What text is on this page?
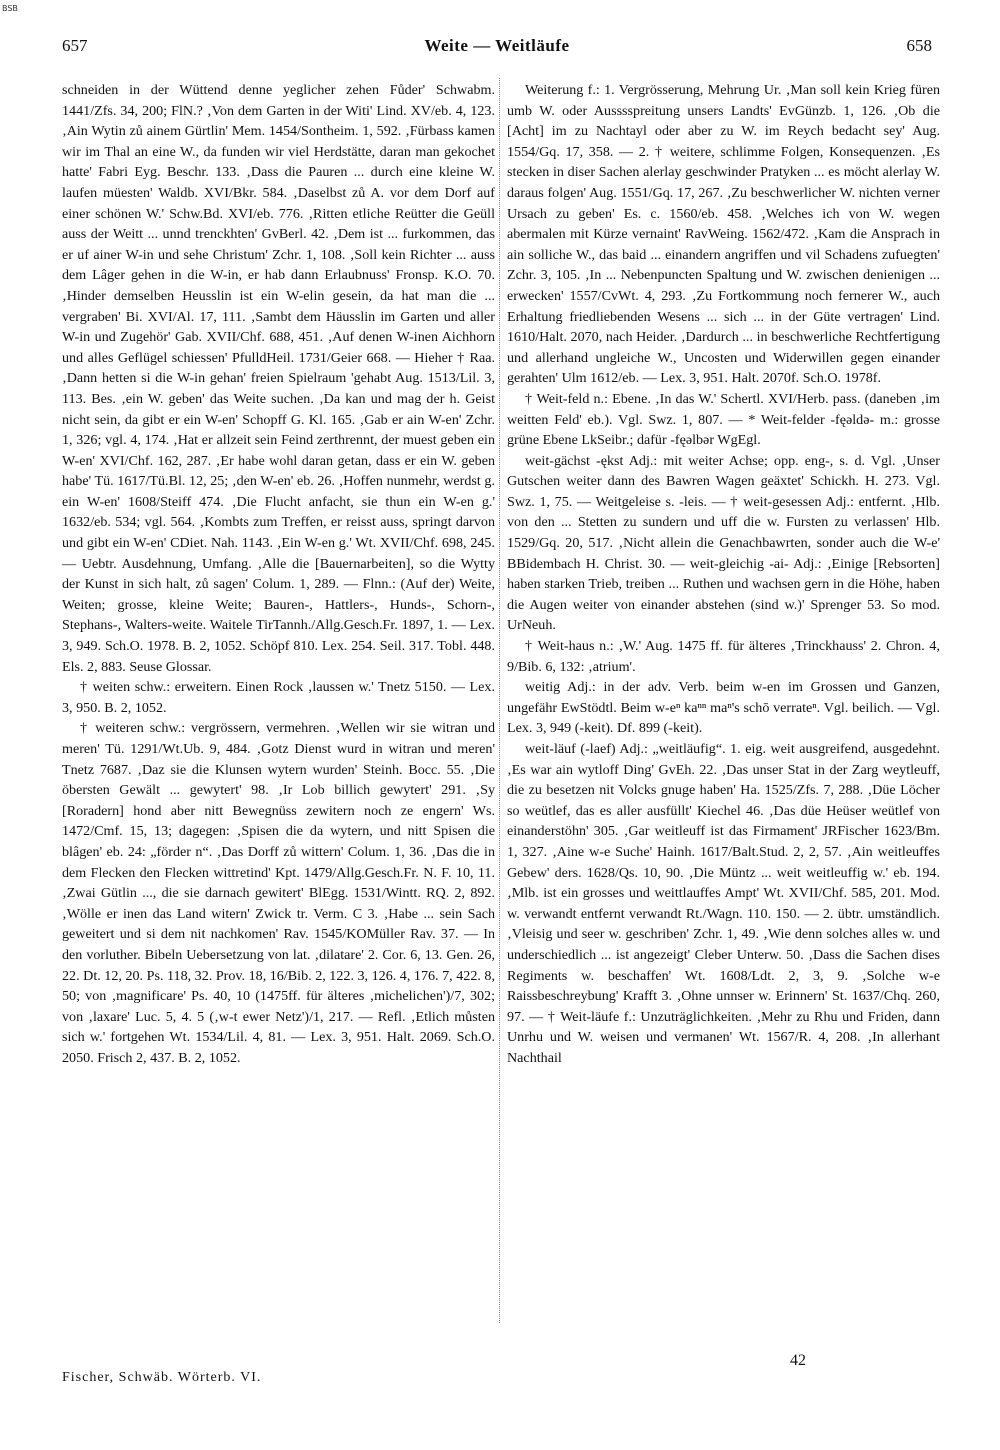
BSB
657	Weite — Weitläufe	658

schneiden in der Wüttend denne yeglicher zehen Fůder' Schwabm. 1441/Zfs. 34, 200; FlN.? ‚Von dem Garten in der Witi' Lind. XV/eb. 4, 123. ‚Ain Wytin zů ainem Gürtlin' Mem. 1454/Sontheim. 1, 592. ‚Fürbass kamen wir im Thal an eine W., da funden wir viel Herdstätte, daran man gekochet hatte' Fabri Eyg. Beschr. 133. ‚Dass die Pauren ... durch eine kleine W. laufen müesten' Waldb. XVI/Bkr. 584. ‚Daselbst zů A. vor dem Dorf auf einer schönen W.' Schw.Bd. XVI/eb. 776. ‚Ritten etliche Reütter die Geüll auss der Weitt ... unnd trenckhten' GvBerl. 42. ‚Dem ist ... furkommen, das er uf ainer W-in und sehe Christum' Zchr. 1, 108. ‚Soll kein Richter ... auss dem Lâger gehen in die W-in, er hab dann Erlaubnuss' Fronsp. K.O. 70. ‚Hinder demselben Heusslin ist ein W-elin gesein, da hat man die ... vergraben' Bi. XVI/Al. 17, 111. ‚Sambt dem Häusslin im Garten und aller W-in und Zugehör' Gab. XVII/Chf. 688, 451. ‚Auf denen W-inen Aichhorn und alles Geflügel schiessen' PfulldHeil. 1731/Geier 668. — Hieher † Raa. ‚Dann hetten si die W-in gehan' freien Spielraum 'gehabt Aug. 1513/Lil. 3, 113. Bes. ‚ein W. geben' das Weite suchen. ‚Da kan und mag der h. Geist nicht sein, da gibt er ein W-en' Schopff G. Kl. 165. ‚Gab er ain W-en' Zchr. 1, 326; vgl. 4, 174. ‚Hat er allzeit sein Feind zerthrennt, der muest geben ein W-en' XVI/Chf. 162, 287. ‚Er habe wohl daran getan, dass er ein W. geben habe' Tü. 1617/Tü.Bl. 12, 25; ‚den W-en' eb. 26. ‚Hoffen nunmehr, werdst g. ein W-en' 1608/Steiff 474. ‚Die Flucht anfacht, sie thun ein W-en g.' 1632/eb. 534; vgl. 564. ‚Kombts zum Treffen, er reisst auss, springt darvon und gibt ein W-en' CDiet. Nah. 1143. ‚Ein W-en g.' Wt. XVII/Chf. 698, 245. — Uebtr. Ausdehnung, Umfang. ‚Alle die [Bauernarbeiten], so die Wytty der Kunst in sich halt, zů sagen' Colum. 1, 289. — Flnn.: (Auf der) Weite, Weiten; grosse, kleine Weite; Bauren-, Hattlers-, Hunds-, Schorn-, Stephans-, Walters-weite. Waitele TirTannh./Allg.Gesch.Fr. 1897, 1. — Lex. 3, 949. Sch.O. 1978. B. 2, 1052. Schöpf 810. Lex. 254. Seil. 317. Tobl. 448. Els. 2, 883. Seuse Glossar.

† weiten schw.: erweitern. Einen Rock ‚laussen w.' Tnetz 5150. — Lex. 3, 950. B. 2, 1052.

† weiteren schw.: vergrössern, vermehren. ‚Wellen wir sie witran und meren' Tü. 1291/Wt.Ub. 9, 484. ‚Gotz Dienst wurd in witran und meren' Tnetz 7687. ‚Daz sie die Klunsen wytern wurden' Steinh. Bocc. 55. ‚Die öbersten Gewält ... gewytert' 98. ‚Ir Lob billich gewytert' 291. ‚Sy [Roradern] hond aber nitt Bewegnüss zewitern noch ze engern' Ws. 1472/Cmf. 15, 13; dagegen: ‚Spisen die da wytern, und nitt Spisen die blâgen' eb. 24: „förder n“. ‚Das Dorff zů wittern' Colum. 1, 36. ‚Das die in dem Flecken den Flecken wittretind' Kpt. 1479/Allg.Gesch.Fr. N. F. 10, 11. ‚Zwai Gütlin ..., die sie darnach gewitert' BlEgg. 1531/Wintt. RQ. 2, 892. ‚Wölle er inen das Land witern' Zwick tr. Verm. C 3. ‚Habe ... sein Sach geweitert und si dem nit nachkomen' Rav. 1545/KOMüller Rav. 37. — In den vorluther. Bibeln Uebersetzung von lat. ‚dilatare' 2. Cor. 6, 13. Gen. 26, 22. Dt. 12, 20. Ps. 118, 32. Prov. 18, 16/Bib. 2, 122. 3, 126. 4, 176. 7, 422. 8, 50; von ‚magnificare' Ps. 40, 10 (1475ff. für älteres ‚michelichen')/7, 302; von ‚laxare' Luc. 5, 4. 5 (‚w-t ewer Netz')/1, 217. — Refl. ‚Etlich můsten sich w.' fortgehen Wt. 1534/Lil. 4, 81. — Lex. 3, 951. Halt. 2069. Sch.O. 2050. Frisch 2, 437. B. 2, 1052.

Weiterung f.: 1. Vergrösserung, Mehrung Ur. ‚Man soll kein Krieg füren umb W. oder Ausssspreitung unsers Landts' EvGünzb. 1, 126. ‚Ob die [Acht] im zu Nachtayl oder aber zu W. im Reych bedacht sey' Aug. 1554/Gq. 17, 358. — 2. † weitere, schlimme Folgen, Konsequenzen. ‚Es stecken in diser Sachen alerlay geschwinder Pratyken ... es möcht alerlay W. daraus folgen' Aug. 1551/Gq. 17, 267. ‚Zu beschwerlicher W. nichten verner Ursach zu geben' Es. c. 1560/eb. 458. ‚Welches ich von W. wegen abermalen mit Kürze vernaint' RavWeing. 1562/472. ‚Kam die Ansprach in ain solliche W., das baid ... einandern angriffen und vil Schadens zufuegten' Zchr. 3, 105. ‚In ... Nebenpuncten Spaltung und W. zwischen denienigen ... erwecken' 1557/CvWt. 4, 293. ‚Zu Fortkommung noch fernerer W., auch Erhaltung friedliebenden Wesens ... sich ... in der Güte vertragen' Lind. 1610/Halt. 2070, nach Heider. ‚Dardurch ... in beschwerliche Rechtfertigung und allerhand ungleiche W., Uncosten und Widerwillen gegen einander gerahten' Ulm 1612/eb. — Lex. 3, 951. Halt. 2070f. Sch.O. 1978f.

† Weit-feld n.: Ebene. ‚In das W.' Schertl. XVI/Herb. pass. (daneben ‚im weitten Feld' eb.). Vgl. Swz. 1, 807. — * Weit-felder -fęəldə- m.: grosse grüne Ebene LkSeibr.; dafür -fęəlbər WgEgl.

weit-gächst -ękst Adj.: mit weiter Achse; opp. eng-, s. d. Vgl. ‚Unser Gutschen weiter dann des Bawren Wagen geäxtet' Schickh. H. 273. Vgl. Swz. 1, 75. — Weitgeleise s. -leis. — † weit-gesessen Adj.: entfernt. ‚Hlb. von den ... Stetten zu sundern und uff die w. Fursten zu verlassen' Hlb. 1529/Gq. 20, 517. ‚Nicht allein die Genachbawrten, sonder auch die W-e' BBidembach H. Christ. 30. — weit-gleichig -ai- Adj.: ‚Einige [Rebsorten] haben starken Trieb, treiben ... Ruthen und wachsen gern in die Höhe, haben die Augen weiter von einander abstehen (sind w.)' Sprenger 53. So mod. UrNeuh.

† Weit-haus n.: ‚W.' Aug. 1475 ff. für älteres ‚Trinckhauss' 2. Chron. 4, 9/Bib. 6, 132: ‚atrium'.

weitig Adj.: in der adv. Verb. beim w-en im Grossen und Ganzen, ungefähr EwStödtl. Beim w-eⁿ kaⁿⁿ maⁿ's schō verrateⁿ. Vgl. beilich. — Vgl. Lex. 3, 949 (-keit). Df. 899 (-keit).

weit-läuf (-laef) Adj.: „weitläufig“. 1. eig. weit ausgreifend, ausgedehnt. ‚Es war ain wytloff Ding' GvEh. 22. ‚Das unser Stat in der Zarg weytleuff, die zu besetzen nit Volcks gnuge haben' Ha. 1525/Zfs. 7, 288. ‚Düe Löcher so weütlef, das es aller ausfüllt' Kiechel 46. ‚Das düe Heüser weütlef von einanderstöhn' 305. ‚Gar weitleuff ist das Firmament' JRFischer 1623/Bm. 1, 327. ‚Aine w-e Suche' Hainh. 1617/Balt.Stud. 2, 2, 57. ‚Ain weitleuffes Gebew' ders. 1628/Qs. 10, 90. ‚Die Müntz ... weit weitleuffig w.' eb. 194. ‚Mlb. ist ein grosses und weittlauffes Ampt' Wt. XVII/Chf. 585, 201. Mod. w. verwandt entfernt verwandt Rt./Wagn. 110. 150. — 2. übtr. umständlich. ‚Vleisig und seer w. geschriben' Zchr. 1, 49. ‚Wie denn solches alles w. und underschiedlich ... ist angezeigt' Cleber Unterw. 50. ‚Dass die Sachen dises Regiments w. beschaffen' Wt. 1608/Ldt. 2, 3, 9. ‚Solche w-e Raissbeschreybung' Krafft 3. ‚Ohne unnser w. Erinnern' St. 1637/Chq. 260, 97. — † Weit-läufe f.: Unzuträglichkeiten. ‚Mehr zu Rhu und Friden, dann Unrhu und W. weisen und vermanen' Wt. 1567/R. 4, 208. ‚In allerhant Nachthail

42
Fischer, Schwäb. Wörterb. VI.
